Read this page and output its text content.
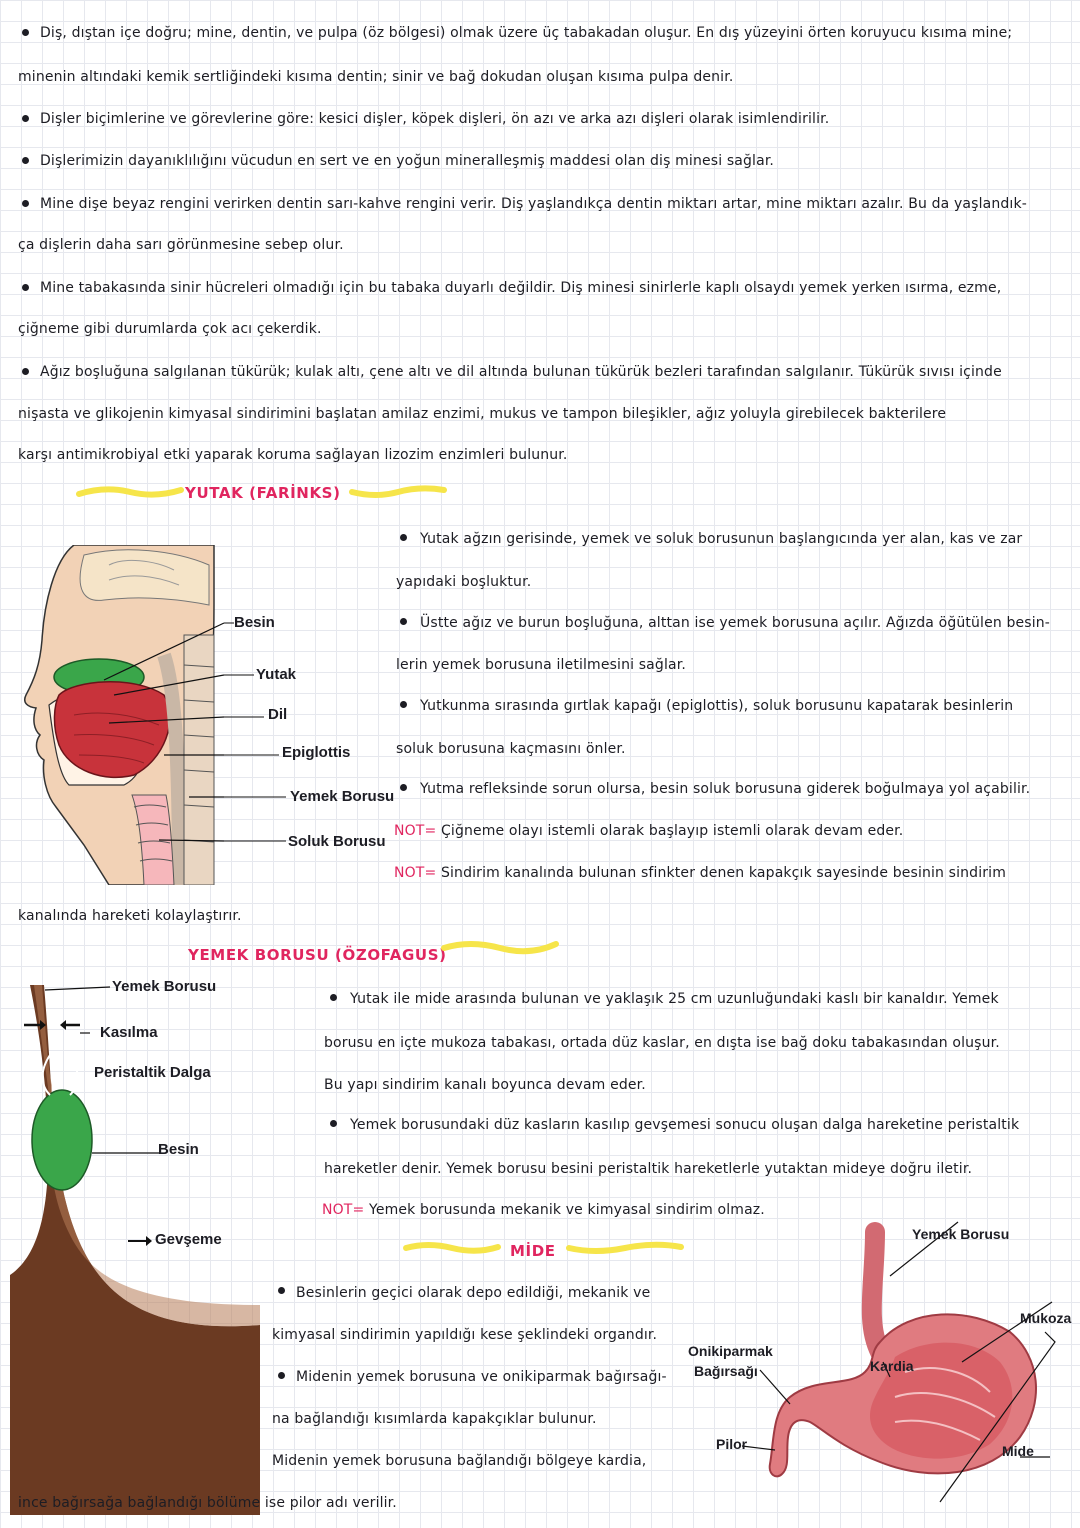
Diş, dıştan içe doğru; mine, dentin, ve pulpa (öz bölgesi) olmak üzere üç tabakadan oluşur. En dış yüzeyini örten koruyucu kısıma mine;
minenin altındaki kemik sertliğindeki kısıma dentin; sinir ve bağ dokudan oluşan kısıma pulpa denir.
Dişler biçimlerine ve görevlerine göre: kesici dişler, köpek dişleri, ön azı ve arka azı dişleri olarak isimlendirilir.
Dişlerimizin dayanıklılığını vücudun en sert ve en yoğun mineralleşmiş maddesi olan diş minesi sağlar.
Mine dişe beyaz rengini verirken dentin sarı-kahve rengini verir. Diş yaşlandıkça dentin miktarı artar, mine miktarı azalır. Bu da yaşlandık-
ça dişlerin daha sarı görünmesine sebep olur.
Mine tabakasında sinir hücreleri olmadığı için bu tabaka duyarlı değildir. Diş minesi sinirlerle kaplı olsaydı yemek yerken ısırma, ezme,
çiğneme gibi durumlarda çok acı çekerdik.
Ağız boşluğuna salgılanan tükürük; kulak altı, çene altı ve dil altında bulunan tükürük bezleri tarafından salgılanır. Tükürük sıvısı içinde
nişasta ve glikojenin kimyasal sindirimini başlatan amilaz enzimi, mukus ve tampon bileşikler, ağız yoluyla girebilecek bakterilere
karşı antimikrobiyal etki yaparak koruma sağlayan lizozim enzimleri bulunur.
YUTAK (FARİNKS)
Besin
Yutak
Dil
Epiglottis
Yemek Borusu
Soluk Borusu
Yutak ağzın gerisinde, yemek ve soluk borusunun başlangıcında yer alan, kas ve zar
yapıdaki boşluktur.
Üstte ağız ve burun boşluğuna, alttan ise yemek borusuna açılır. Ağızda öğütülen besin-
lerin yemek borusuna iletilmesini sağlar.
Yutkunma sırasında gırtlak kapağı (epiglottis), soluk borusunu kapatarak besinlerin
soluk borusuna kaçmasını önler.
Yutma refleksinde sorun olursa, besin soluk borusuna giderek boğulmaya yol açabilir.
NOT= Çiğneme olayı istemli olarak başlayıp istemli olarak devam eder.
NOT= Sindirim kanalında bulunan sfinkter denen kapakçık sayesinde besinin sindirim
kanalında hareketi kolaylaştırır.
YEMEK BORUSU (ÖZOFAGUS)
Yemek Borusu
Kasılma
Peristaltik Dalga
Besin
Gevşeme
Yutak ile mide arasında bulunan ve yaklaşık 25 cm uzunluğundaki kaslı bir kanaldır. Yemek
borusu en içte mukoza tabakası, ortada düz kaslar, en dışta ise bağ doku tabakasından oluşur.
Bu yapı sindirim kanalı boyunca devam eder.
Yemek borusundaki düz kasların kasılıp gevşemesi sonucu oluşan dalga hareketine peristaltik
hareketler denir. Yemek borusu besini peristaltik hareketlerle yutaktan mideye doğru iletir.
NOT= Yemek borusunda mekanik ve kimyasal sindirim olmaz.
MİDE
Besinlerin geçici olarak depo edildiği, mekanik ve
kimyasal sindirimin yapıldığı kese şeklindeki organdır.
Midenin yemek borusuna ve onikiparmak bağırsağı-
na bağlandığı kısımlarda kapakçıklar bulunur.
Midenin yemek borusuna bağlandığı bölgeye kardia,
ince bağırsağa bağlandığı bölüme ise pilor adı verilir.
Yemek Borusu
Mukoza
Onikiparmak
Bağırsağı	Kardia
Pilor	Mide
